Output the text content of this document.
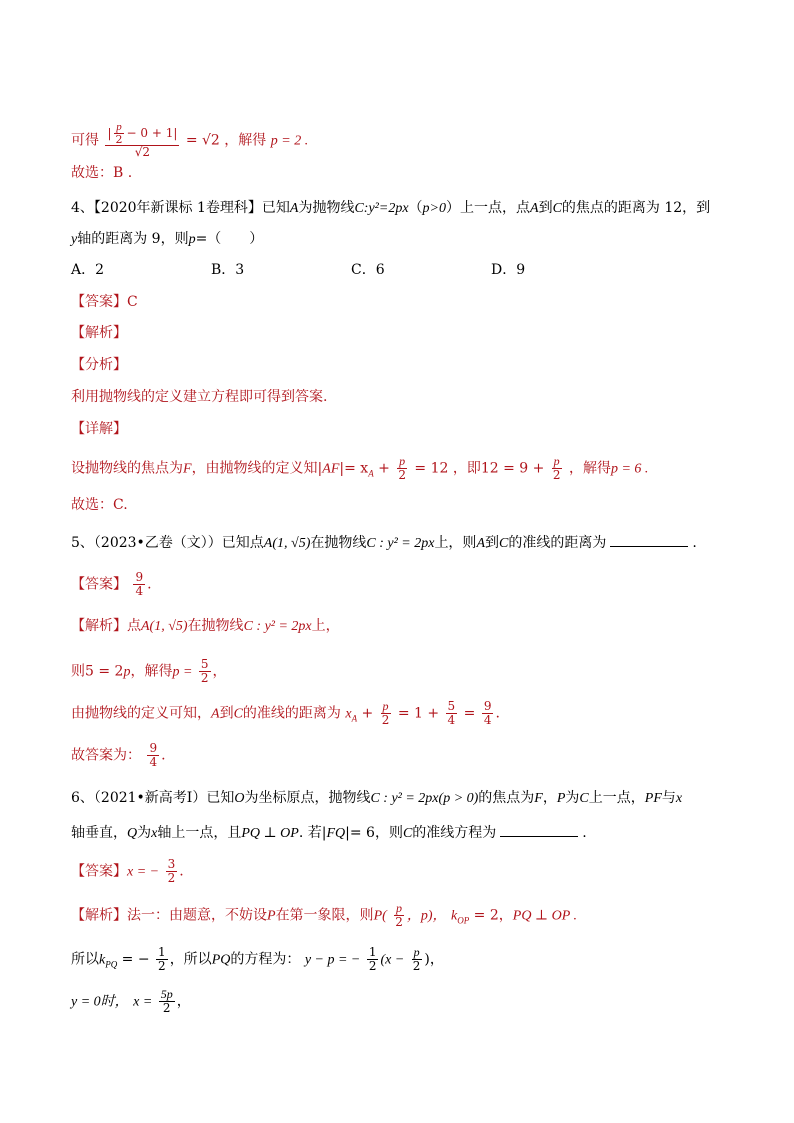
可得 $\frac{| \frac{p}{2} - 0 + 1|}{√2} = √2$ ，解得 p = 2 .
故选：B .
4、【2020年新课标 1卷理科】已知A为抛物线C:y²=2px（p>0）上一点，点A到C的焦点的距离为 12，到
y轴的距离为 9，则p=（　　）
A．2	B．3	C．6	D．9
【答案】C
【解析】
【分析】
利用抛物线的定义建立方程即可得到答案.
【详解】
设抛物线的焦点为F，由抛物线的定义知$|AF|= x_A + \frac{p}{2} = 12$ ，即$12 = 9 + \frac{p}{2}$ ，解得p = 6 .
故选：C.
5、（2023•乙卷（文））已知点A(1, √5)在抛物线C : y² = 2px上，则A到C的准线的距离为	.
【答案】 $\frac{9}{4}$ .
【解析】点A(1, √5)在抛物线C : y² = 2px上，
则5 = 2p，解得$p = \frac{5}{2}$ ，
由抛物线的定义可知，A到C的准线的距离为 $x_A + \frac{p}{2} = 1 + \frac{5}{4} = \frac{9}{4}$ .
故答案为： $\frac{9}{4}$ .
6、（2021•新高考Ⅰ）已知O为坐标原点，抛物线C : y² = 2px(p > 0)的焦点为F，P为C上一点，PF与x
轴垂直，Q为x轴上一点，且PQ ⊥ OP. 若|FQ|= 6，则C的准线方程为	.
【答案】x = − $\frac{3}{2}$ .
【解析】法一：由题意，不妨设P在第一象限，则$P( \frac{p}{2}$ ，p)， $k_{OP} = 2$，PQ ⊥ OP .
所以$k_{PQ}$ = − $\frac{1}{2}$ ，所以PQ的方程为： y − p = − $\frac{1}{2} (x - \frac{p}{2}$ )，
y = 0时， $x = \frac{5p}{2}$ ，
